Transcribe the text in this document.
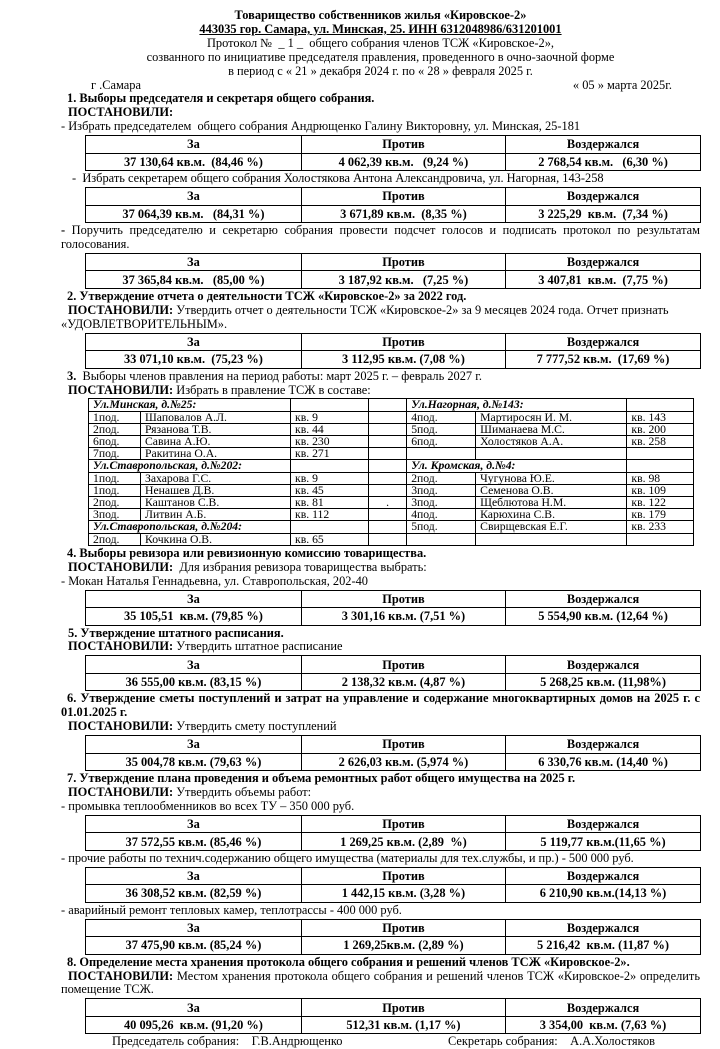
Товарищество собственников жилья «Кировское-2»
443035 гор. Самара, ул. Минская, 25. ИНН 6312048986/631201001
Протокол №  _ 1 _  общего собрания членов ТСЖ «Кировское-2»,
созванного по инициативе председателя правления, проведенного в очно-заочной форме
в период с « 21 » декабря 2024 г. по « 28 » февраля 2025 г.
г .Самара	« 05 » марта 2025г.
1. Выборы председателя и секретаря общего собрания.
ПОСТАНОВИЛИ:

- Избрать председателем  общего собрания Андрющенко Галину Викторовну, ул. Минская, 25-181

За	Против	Воздержался
37 130,64 кв.м.  (84,46 %)	4 062,39 кв.м.   (9,24 %)	2 768,54 кв.м.   (6,30 %)

-  Избрать секретарем общего собрания Холостякова Антона Александровича, ул. Нагорная, 143-258

За	Против	Воздержался
37 064,39 кв.м.   (84,31 %)	3 671,89 кв.м.  (8,35 %)	3 225,29  кв.м.  (7,34 %)

- Поручить председателю и секретарю собрания провести подсчет голосов и подписать протокол по результатам голосования.

За	Против	Воздержался
37 365,84 кв.м.   (85,00 %)	3 187,92 кв.м.   (7,25 %)	3 407,81  кв.м.  (7,75 %)
2. Утверждение отчета о деятельности ТСЖ «Кировское-2» за 2022 год.

ПОСТАНОВИЛИ: Утвердить отчет о деятельности ТСЖ «Кировское-2» за 9 месяцев 2024 года. Отчет признать «УДОВЛЕТВОРИТЕЛЬНЫМ».

За	Против	Воздержался
33 071,10 кв.м.  (75,23 %)	3 112,95 кв.м. (7,08 %)	7 777,52 кв.м.  (17,69 %)
3.  Выборы членов правления на период работы: март 2025 г. – февраль 2027 г.

ПОСТАНОВИЛИ: Избрать в правление ТСЖ в составе:

Ул.Минская, д.№25:				Ул.Нагорная, д.№143:		
1под.	Шаповалов А.Л.	кв. 9		4под.	Мартиросян И. М.	кв. 143
2под.	Рязанова Т.В.	кв. 44		5под.	Шиманаева М.С.	кв. 200
6под.	Савина А.Ю.	кв. 230		6под.	Холостяков А.А.	кв. 258
7под.	Ракитина О.А.	кв. 271				
Ул.Ставропольская, д.№202:				Ул. Кромская, д.№4:		
1под.	Захарова Г.С.	кв. 9		2под.	Чугунова Ю.Е.	кв. 98
1под.	Ненашев Д.В.	кв. 45		3под.	Семенова О.В.	кв. 109
2под.	Каштанов С.В.	кв. 81	.	3под.	Щеблютова Н.М.	кв. 122
3под.	Литвин А.Б.	кв. 112		4под.	Карюхина С.В.	кв. 179
Ул.Ставропольская, д.№204:				5под.	Свирщевская Е.Г.	кв. 233
2под.	Кочкина О.В.	кв. 65				
4. Выборы ревизора или ревизионную комиссию товарищества.

ПОСТАНОВИЛИ:  Для избрания ревизора товарищества выбрать:

- Мокан Наталья Геннадьевна, ул. Ставропольская, 202-40

За	Против	Воздержался
35 105,51  кв.м. (79,85 %)	3 301,16 кв.м. (7,51 %)	5 554,90 кв.м. (12,64 %)
5. Утверждение штатного расписания.

ПОСТАНОВИЛИ: Утвердить штатное расписание

За	Против	Воздержался
36 555,00 кв.м. (83,15 %)	2 138,32 кв.м. (4,87 %)	5 268,25 кв.м. (11,98%)
6. Утверждение сметы поступлений и затрат на управление и содержание многоквартирных домов на 2025 г. с 01.01.2025 г.

ПОСТАНОВИЛИ: Утвердить смету поступлений

За	Против	Воздержался
35 004,78 кв.м. (79,63 %)	2 626,03 кв.м. (5,974 %)	6 330,76 кв.м. (14,40 %)
7. Утверждение плана проведения и объема ремонтных работ общего имущества на 2025 г.

ПОСТАНОВИЛИ: Утвердить объемы работ:

- промывка теплообменников во всех ТУ – 350 000 руб.

За	Против	Воздержался
37 572,55 кв.м. (85,46 %)	1 269,25 кв.м. (2,89  %)	5 119,77 кв.м.(11,65 %)

- прочие работы по технич.содержанию общего имущества (материалы для тех.службы, и пр.) - 500 000 руб.

За	Против	Воздержался
36 308,52 кв.м. (82,59 %)	1 442,15 кв.м. (3,28 %)	6 210,90 кв.м.(14,13 %)

- аварийный ремонт тепловых камер, теплотрассы - 400 000 руб.

За	Против	Воздержался
37 475,90 кв.м. (85,24 %)	1 269,25кв.м. (2,89 %)	5 216,42  кв.м. (11,87 %)
8. Определение места хранения протокола общего собрания и решений членов ТСЖ «Кировское-2».

ПОСТАНОВИЛИ: Местом хранения протокола общего собрания и решений членов ТСЖ «Кировское-2» определить помещение ТСЖ.

За	Против	Воздержался
40 095,26  кв.м. (91,20 %)	512,31 кв.м. (1,17 %)	3 354,00  кв.м. (7,63 %)
Председатель собрания:    Г.В.Андрющенко	Секретарь собрания:    А.А.Холостяков
